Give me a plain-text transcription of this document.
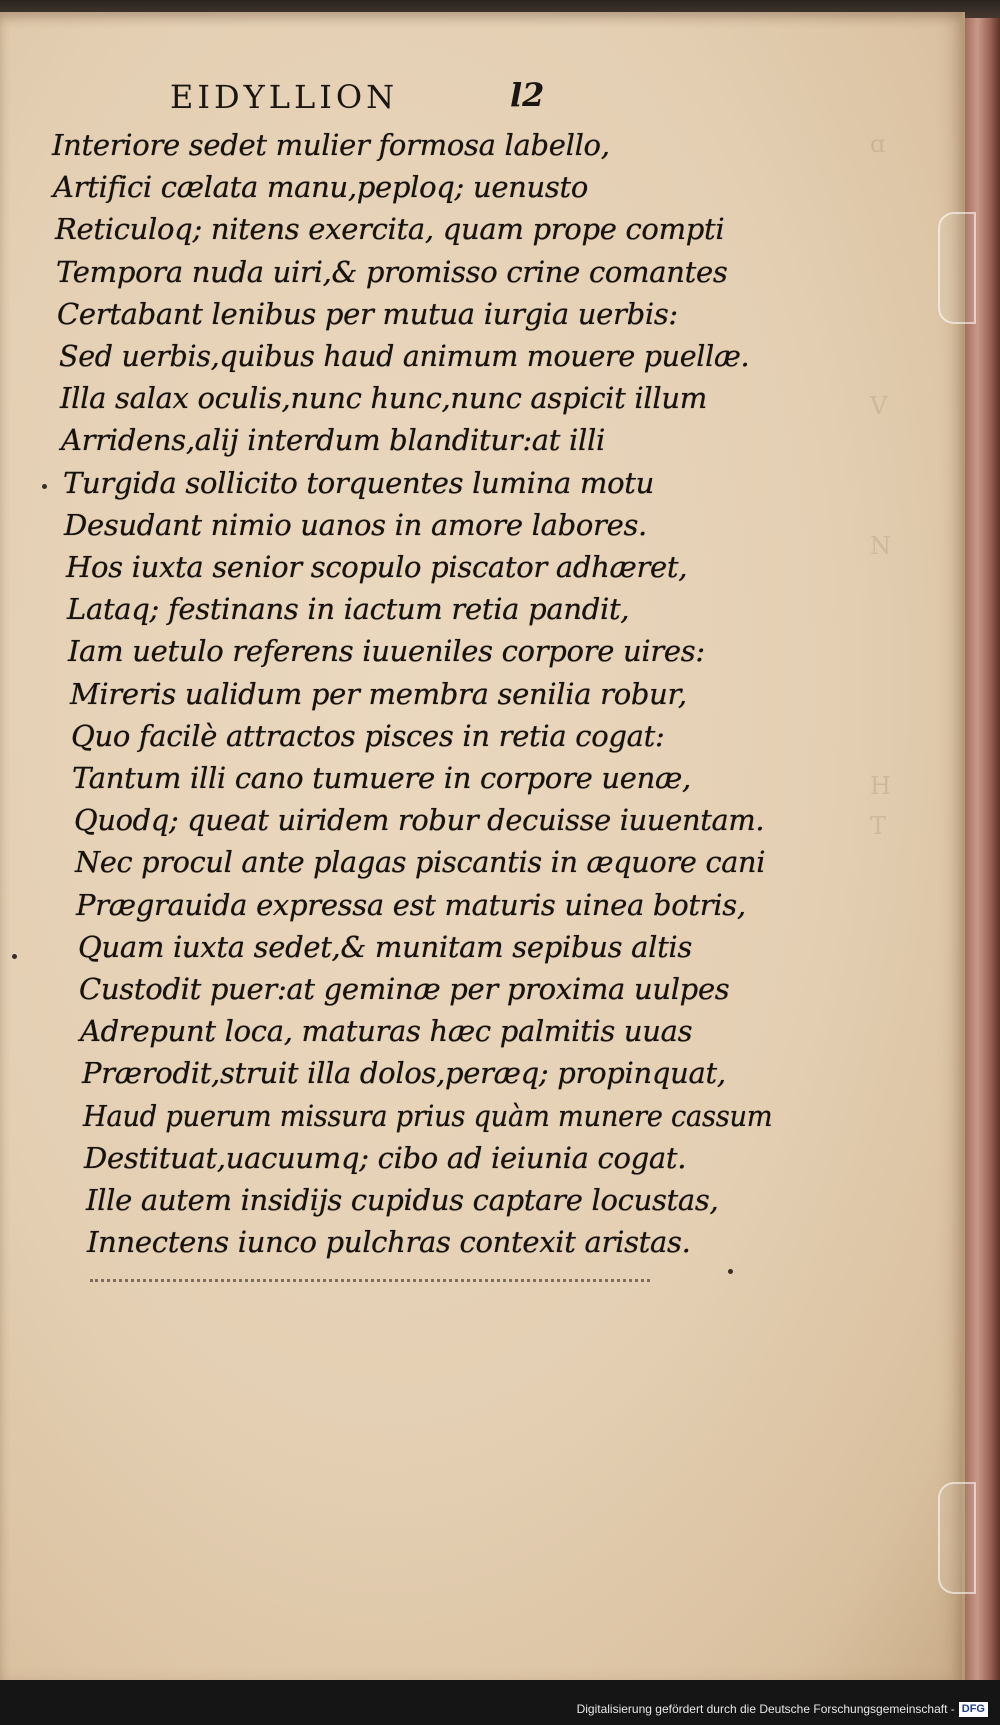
ɑ
V
N
H
T
EIDYLLION	l2
Interiore sedet mulier formosa labello,
Artifici cælata manu,peploq; uenusto
Reticuloq; nitens exercita, quam prope compti
Tempora nuda uiri,& promisso crine comantes
Certabant lenibus per mutua iurgia uerbis:
Sed uerbis,quibus haud animum mouere puellæ.
Illa salax oculis,nunc hunc,nunc aspicit illum
Arridens,alij interdum blanditur:at illi
Turgida sollicito torquentes lumina motu
Desudant nimio uanos in amore labores.
Hos iuxta senior scopulo piscator adhæret,
Lataq; festinans in iactum retia pandit,
Iam uetulo referens iuueniles corpore uires:
Mireris ualidum per membra senilia robur,
Quo facilè attractos pisces in retia cogat:
Tantum illi cano tumuere in corpore uenæ,
Quodq; queat uiridem robur decuisse iuuentam.
Nec procul ante plagas piscantis in æquore cani
Prægrauida expressa est maturis uinea botris,
Quam iuxta sedet,& munitam sepibus altis
Custodit puer:at geminæ per proxima uulpes
Adrepunt loca, maturas hæc palmitis uuas
Prærodit,struit illa dolos,peræq; propinquat,
Haud puerum missura prius quàm munere cassum
Destituat,uacuumq; cibo ad ieiunia cogat.
Ille autem insidijs cupidus captare locustas,
Innectens iunco pulchras contexit aristas.
Digitalisierung gefördert durch die Deutsche Forschungsgemeinschaft - DFG
